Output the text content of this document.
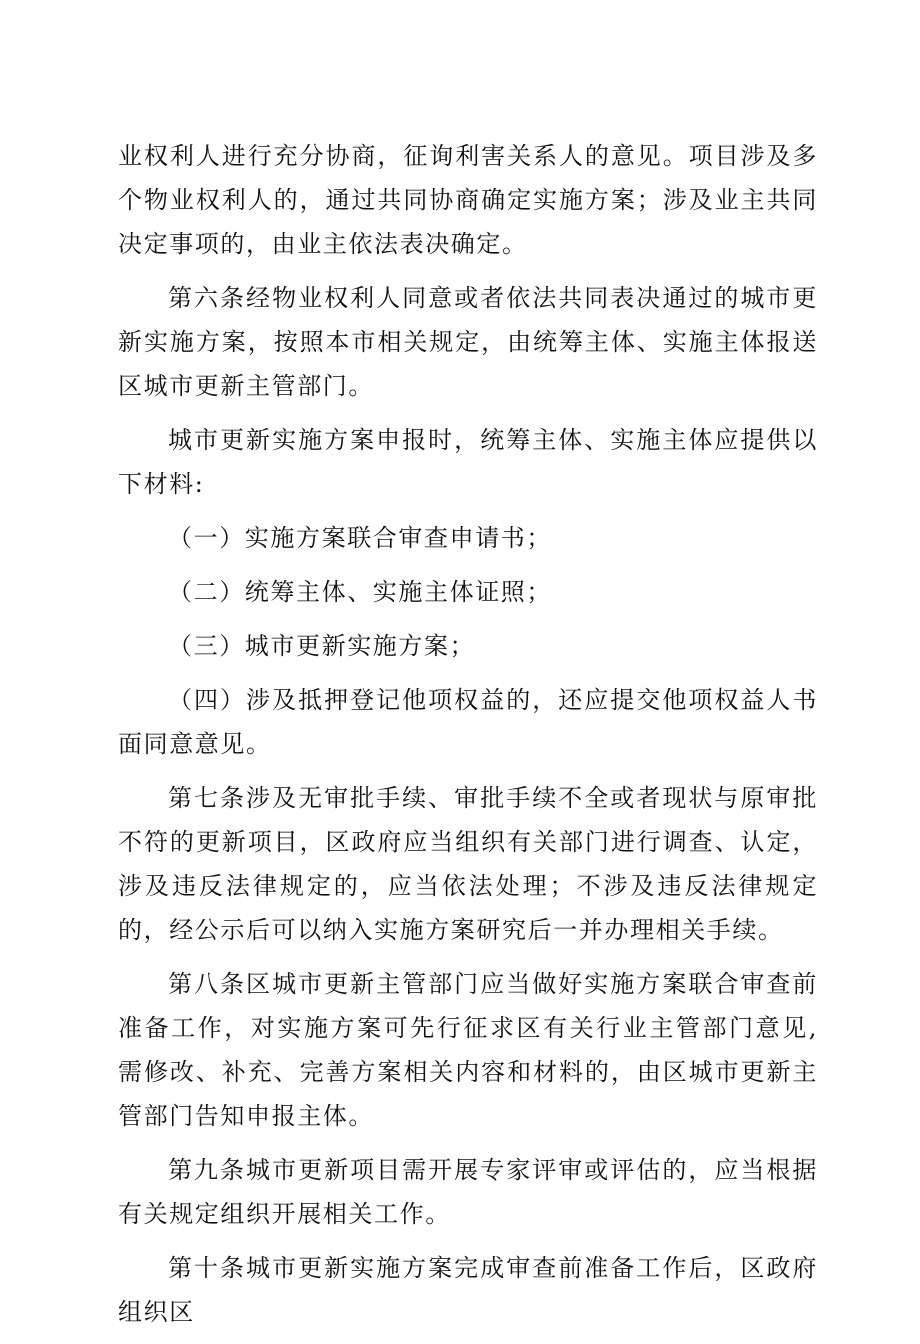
业权利人进行充分协商，征询利害关系人的意见。项目涉及多个物业权利人的，通过共同协商确定实施方案；涉及业主共同决定事项的，由业主依法表决确定。

第六条经物业权利人同意或者依法共同表决通过的城市更新实施方案，按照本市相关规定，由统筹主体、实施主体报送区城市更新主管部门。

城市更新实施方案申报时，统筹主体、实施主体应提供以下材料:

（一）实施方案联合审查申请书；

（二）统筹主体、实施主体证照；

（三）城市更新实施方案；

（四）涉及抵押登记他项权益的，还应提交他项权益人书面同意意见。

第七条涉及无审批手续、审批手续不全或者现状与原审批不符的更新项目，区政府应当组织有关部门进行调查、认定，涉及违反法律规定的，应当依法处理；不涉及违反法律规定的，经公示后可以纳入实施方案研究后一并办理相关手续。

第八条区城市更新主管部门应当做好实施方案联合审查前准备工作，对实施方案可先行征求区有关行业主管部门意见,需修改、补充、完善方案相关内容和材料的，由区城市更新主管部门告知申报主体。

第九条城市更新项目需开展专家评审或评估的，应当根据有关规定组织开展相关工作。

第十条城市更新实施方案完成审查前准备工作后，区政府组织区
